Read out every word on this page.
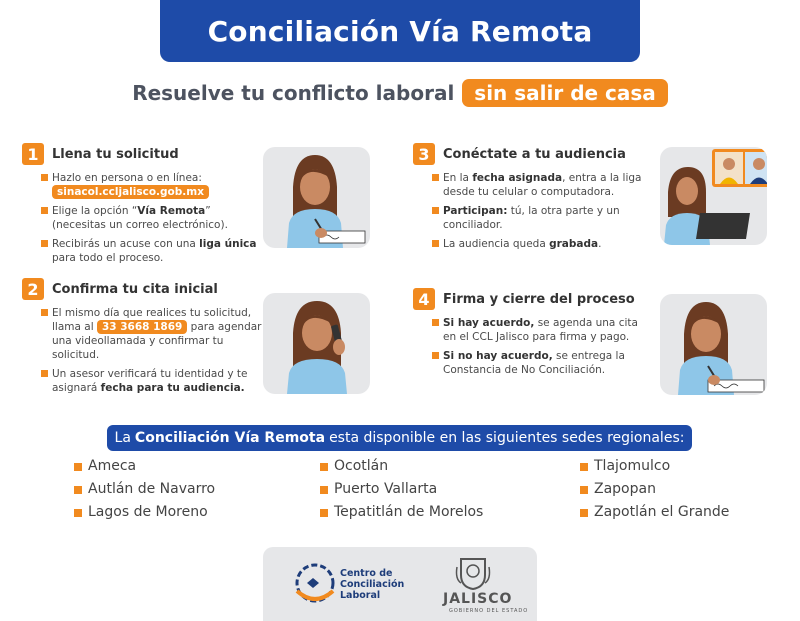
Conciliación Vía Remota
Resuelve tu conflicto laboral	sin salir de casa
1	Llena tu solicitud
Hazlo en persona o en línea:
sinacol.ccljalisco.gob.mx
Elige la opción “Vía Remota” (necesitas un correo electrónico).
Recibirás un acuse con una liga única para todo el proceso.
2	Confirma tu cita inicial
El mismo día que realices tu solicitud, llama al 33 3668 1869 para agendar una videollamada y confirmar tu solicitud.
Un asesor verificará tu identidad y te asignará fecha para tu audiencia.
3	Conéctate a tu audiencia
En la fecha asignada, entra a la liga desde tu celular o computadora.
Participan: tú, la otra parte y un conciliador.
La audiencia queda grabada.
4	Firma y cierre del proceso
Si hay acuerdo, se agenda una cita en el CCL Jalisco para firma y pago.
Si no hay acuerdo, se entrega la Constancia de No Conciliación.
La Conciliación Vía Remota esta disponible en las siguientes sedes regionales:
Ameca
Autlán de Navarro
Lagos de Moreno
Ocotlán
Puerto Vallarta
Tepatitlán de Morelos
Tlajomulco
Zapopan
Zapotlán el Grande
Centro de
Conciliación
Laboral	JALISCO
GOBIERNO DEL ESTADO
